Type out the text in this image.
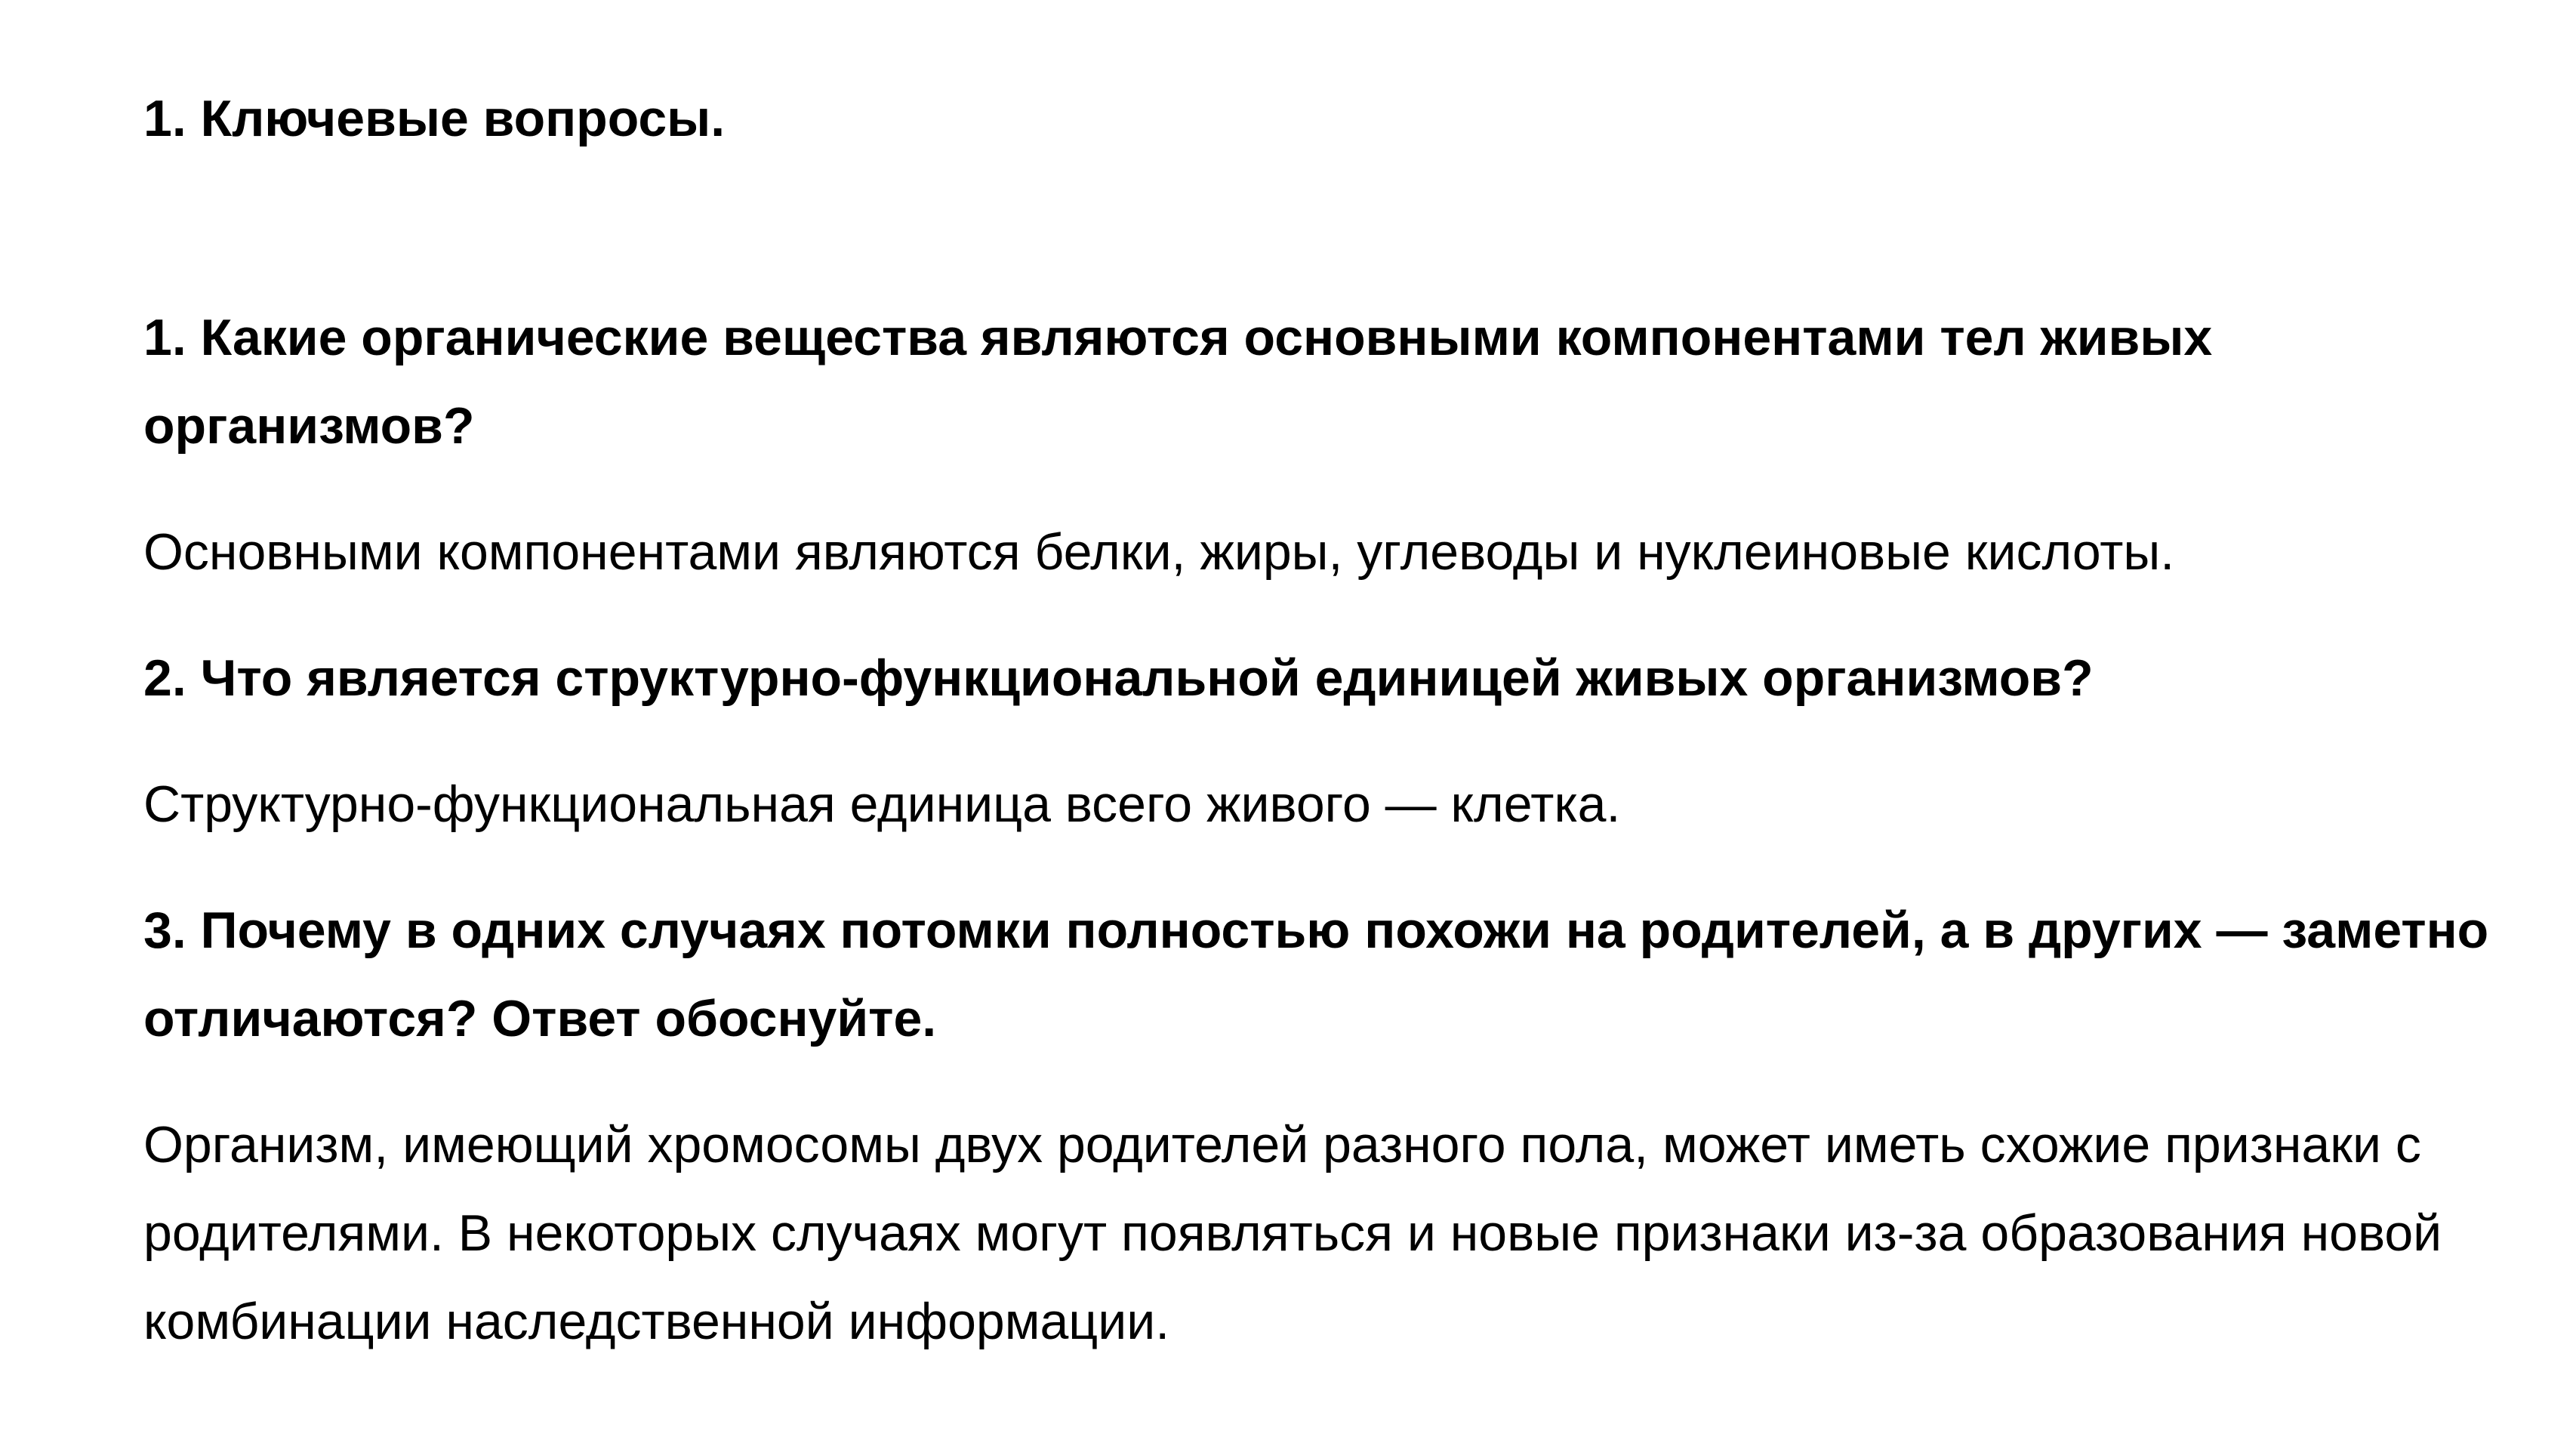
1. Ключевые вопросы.
1. Какие органические вещества являются основными компонентами тел живых
организмов?
Основными компонентами являются белки, жиры, углеводы и нуклеиновые кислоты.
2. Что является структурно-функциональной единицей живых организмов?
Структурно-функциональная единица всего живого — клетка.
3. Почему в одних случаях потомки полностью похожи на родителей, а в других — заметно
отличаются? Ответ обоснуйте.
Организм, имеющий хромосомы двух родителей разного пола, может иметь схожие признаки с
родителями. В некоторых случаях могут появляться и новые признаки из-за образования новой
комбинации наследственной информации.
